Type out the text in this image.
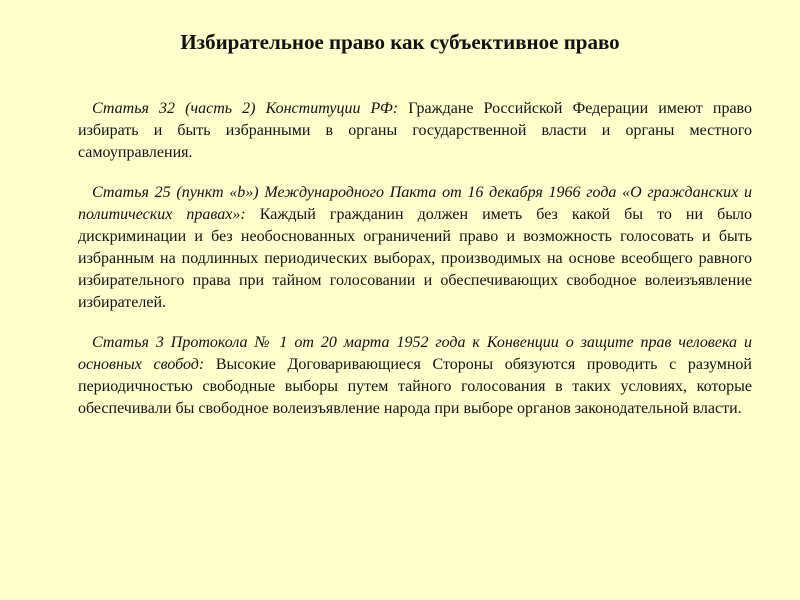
Избирательное право как субъективное право

Статья 32 (часть 2) Конституции РФ: Граждане Российской Федерации имеют право избирать и быть избранными в органы государственной власти и органы местного самоуправления.

Статья 25 (пункт «b») Международного Пакта от 16 декабря 1966 года «О гражданских и политических правах»: Каждый гражданин должен иметь без какой бы то ни было дискриминации и без необоснованных ограничений право и возможность голосовать и быть избранным на подлинных периодических выборах, производимых на основе всеобщего равного избирательного права при тайном голосовании и обеспечивающих свободное волеизъявление избирателей.

Статья 3 Протокола № 1 от 20 марта 1952 года к Конвенции о защите прав человека и основных свобод: Высокие Договаривающиеся Стороны обязуются проводить с разумной периодичностью свободные выборы путем тайного голосования в таких условиях, которые обеспечивали бы свободное волеизъявление народа при выборе органов законодательной власти.
